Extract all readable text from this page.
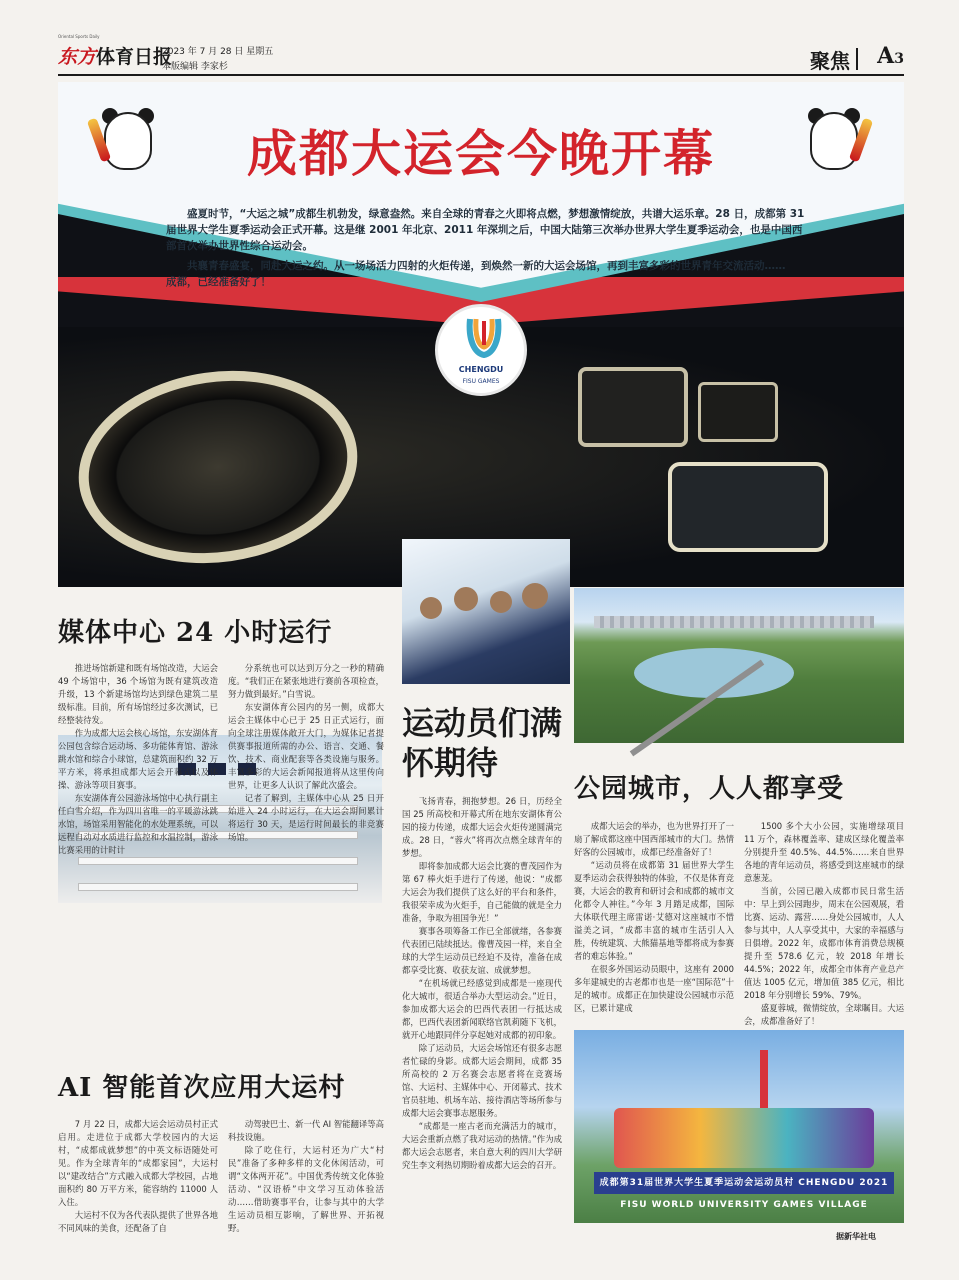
Oriental Sports Daily
东方体育日报
2023 年 7 月 28 日 星期五
本版编辑 李家杉	聚焦 A3
成都大运会今晚开幕
盛夏时节，“大运之城”成都生机勃发，绿意盎然。来自全球的青春之火即将点燃，梦想激情绽放，共谱大运乐章。28 日，成都第 31 届世界大学生夏季运动会正式开幕。这是继 2001 年北京、2011 年深圳之后，中国大陆第三次举办世界大学生夏季运动会，也是中国西部首次举办世界性综合运动会。
共襄青春盛宴，同赴大运之约。从一场场活力四射的火炬传递，到焕然一新的大运会场馆，再到丰富多彩的世界青年交流活动……成都，已经准备好了！
CHENGDU
FISU GAMES
成都第31届世界大学生夏季运动会运动员村 CHENGDU 2021 FISU WORLD UNIVERSITY GAMES VILLAGE
据新华社电
媒体中心 24 小时运行
运动员们满怀期待
公园城市，人人都享受
AI 智能首次应用大运村

推进场馆新建和既有场馆改造，大运会 49 个场馆中，36 个场馆为既有建筑改造升级，13 个新建场馆均达到绿色建筑二星级标准。目前，所有场馆经过多次测试，已经整装待发。

作为成都大运会核心场馆，东安湖体育公园包含综合运动场、多功能体育馆、游泳跳水馆和综合小球馆，总建筑面积约 32 万平方米，将承担成都大运会开幕式以及体操、游泳等项目赛事。

东安湖体育公园游泳场馆中心执行副主任白雪介绍，作为四川省唯一的平暖游泳跳水馆，场馆采用智能化的水处理系统，可以远程自动对水质进行监控和水温控制，游泳比赛采用的计时计

分系统也可以达到万分之一秒的精确度。“我们正在紧张地进行赛前各项检查，努力做到最好。”白雪说。

东安湖体育公园内的另一侧，成都大运会主媒体中心已于 25 日正式运行，面向全球注册媒体敞开大门，为媒体记者提供赛事报道所需的办公、语言、交通、餐饮、技术、商业配套等各类设施与服务。丰富多彩的大运会新闻报道将从这里传向世界，让更多人认识了解此次盛会。

记者了解到，主媒体中心从 25 日开始进入 24 小时运行，在大运会期间累计将运行 30 天，是运行时间最长的非竞赛场馆。

飞扬青春，拥抱梦想。26 日，历经全国 25 所高校和开幕式所在地东安湖体育公园的接力传递，成都大运会火炬传递圆满完成。28 日，“蓉火”将再次点燃全球青年的梦想。

即将参加成都大运会比赛的曹茂园作为第 67 棒火炬手进行了传递，他说：“成都大运会为我们提供了这么好的平台和条件，我很荣幸成为火炬手，自己能做的就是全力准备，争取为祖国争光！”

赛事各项筹备工作已全部就绪，各参赛代表团已陆续抵达。像曹茂园一样，来自全球的大学生运动员已经迫不及待，准备在成都享受比赛、收获友谊、成就梦想。

“在机场就已经感觉到成都是一座现代化大城市，很适合举办大型运动会。”近日，参加成都大运会的巴西代表团一行抵达成都，巴西代表团新闻联络官凯莉随下飞机，就开心地跟同伴分享起她对成都的初印象。

除了运动员，大运会场馆还有很多志愿者忙碌的身影。成都大运会期间，成都 35 所高校的 2 万名赛会志愿者将在竞赛场馆、大运村、主媒体中心、开闭幕式、技术官员驻地、机场车站、接待酒店等场所参与成都大运会赛事志愿服务。

“成都是一座古老而充满活力的城市，大运会重新点燃了我对运动的热情。”作为成都大运会志愿者，来自意大利的四川大学研究生李文利热切期盼着成都大运会的召开。

成都大运会的举办，也为世界打开了一扇了解成都这座中国西部城市的大门。热情好客的公园城市，成都已经准备好了！

“运动员将在成都第 31 届世界大学生夏季运动会获得独特的体验，不仅是体育竞赛，大运会的教育和研讨会和成都的城市文化都令人神往。”今年 3 月踏足成都，国际大体联代理主席雷诺·艾德对这座城市不惜溢美之词，“成都丰富的城市生活引人入胜，传统建筑、大熊猫基地等都将成为参赛者的难忘体验。”

在很多外国运动员眼中，这座有 2000 多年建城史的古老都市也是一座“国际范”十足的城市。成都正在加快建设公园城市示范区，已累计建成

1500 多个大小公园，实施增绿项目 11 万个，森林覆盖率、建成区绿化覆盖率分别提升至 40.5%、44.5%……来自世界各地的青年运动员，将感受到这座城市的绿意葱茏。

当前，公园已融入成都市民日常生活中：早上到公园跑步，周末在公园观展，看比赛、运动、露营……身处公园城市，人人参与其中，人人享受其中，大家的幸福感与日俱增。2022 年，成都市体育消费总规模提升至 578.6 亿元，较 2018 年增长 44.5%；2022 年，成都全市体育产业总产值达 1005 亿元，增加值 385 亿元，相比 2018 年分别增长 59%、79%。

盛夏蓉城，微情绽放，全球瞩目。大运会，成都准备好了！

7 月 22 日，成都大运会运动员村正式启用。走进位于成都大学校园内的大运村，“成都成就梦想”的中英文标语随处可见。作为全球青年的“成都家园”，大运村以“建改结合”方式融入成都大学校园，占地面积约 80 万平方米，能容纳约 11000 人入住。

大运村不仅为各代表队提供了世界各地不同风味的美食，还配备了自

动驾驶巴士、新一代 AI 智能翻译等高科技设施。

除了吃住行，大运村还为广大“村民”准备了多种多样的文化休闲活动，可谓“文体两开花”。中国优秀传统文化体验活动、“汉语桥”中文学习互动体验活动……借助赛事平台，让参与其中的大学生运动员相互影响，了解世界、开拓视野。
